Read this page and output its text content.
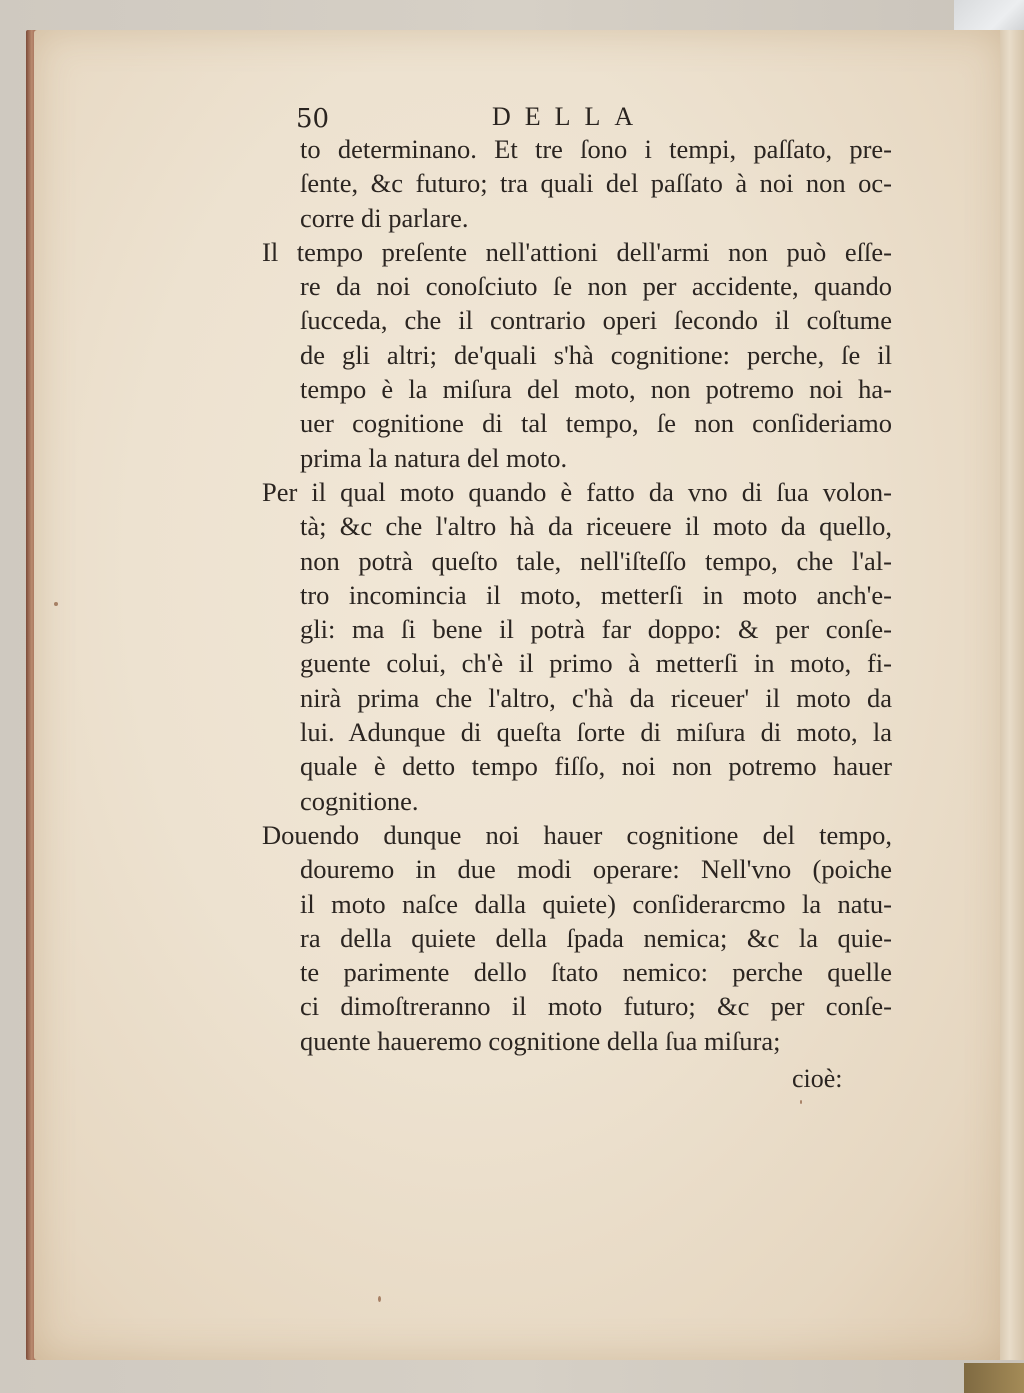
50	DELLA
to determinano. Et tre ſono i tempi, paſſato, pre-
ſente, &c futuro; tra quali del paſſato à noi non oc-
corre di parlare.
Il tempo preſente nell'attioni dell'armi non può eſſe-
re da noi conoſciuto ſe non per accidente, quando
ſucceda, che il contrario operi ſecondo il coſtume
de gli altri; de'quali s'hà cognitione: perche, ſe il
tempo è la miſura del moto, non potremo noi ha-
uer cognitione di tal tempo, ſe non conſideriamo
prima la natura del moto.
Per il qual moto quando è fatto da vno di ſua volon-
tà; &c che l'altro hà da riceuere il moto da quello,
non potrà queſto tale, nell'iſteſſo tempo, che l'al-
tro incomincia il moto, metterſi in moto anch'e-
gli: ma ſi bene il potrà far doppo: & per conſe-
guente colui, ch'è il primo à metterſi in moto, fi-
nirà prima che l'altro, c'hà da riceuer' il moto da
lui. Adunque di queſta ſorte di miſura di moto, la
quale è detto tempo fiſſo, noi non potremo hauer
cognitione.
Douendo dunque noi hauer cognitione del tempo,
douremo in due modi operare: Nell'vno (poiche
il moto naſce dalla quiete) conſiderarcmo la natu-
ra della quiete della ſpada nemica; &c la quie-
te parimente dello ſtato nemico: perche quelle
ci dimoſtreranno il moto futuro; &c per conſe-
quente haueremo cognitione della ſua miſura;
cioè:
